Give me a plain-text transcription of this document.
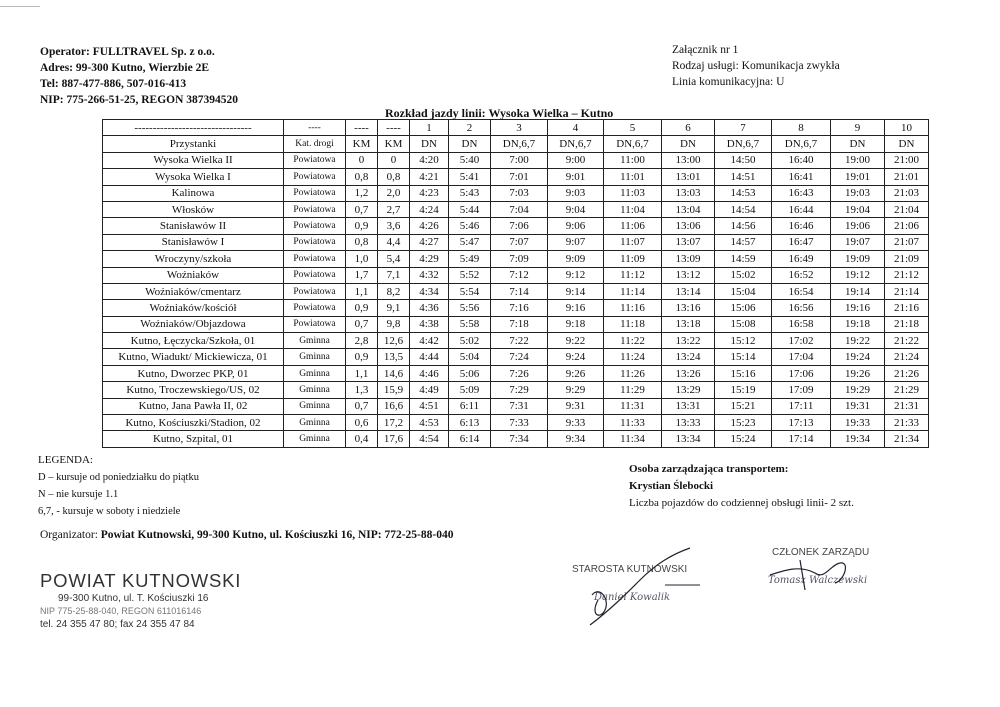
Operator: FULLTRAVEL Sp. z o.o.
Adres: 99-300 Kutno, Wierzbie 2E
Tel: 887-477-886, 507-016-413
NIP: 775-266-51-25, REGON 387394520
Załącznik nr 1
Rodzaj usługi: Komunikacja zwykła
Linia komunikacyjna: U
Rozkład jazdy linii: Wysoka Wielka – Kutno
--------------------------------	----	----	----	1	2	3	4	5	6	7	8	9	10
Przystanki	Kat. drogi	KM	KM	DN	DN	DN,6,7	DN,6,7	DN,6,7	DN	DN,6,7	DN,6,7	DN	DN
Wysoka Wielka II	Powiatowa	0	0	4:20	5:40	7:00	9:00	11:00	13:00	14:50	16:40	19:00	21:00
Wysoka Wielka I	Powiatowa	0,8	0,8	4:21	5:41	7:01	9:01	11:01	13:01	14:51	16:41	19:01	21:01
Kalinowa	Powiatowa	1,2	2,0	4:23	5:43	7:03	9:03	11:03	13:03	14:53	16:43	19:03	21:03
Włosków	Powiatowa	0,7	2,7	4:24	5:44	7:04	9:04	11:04	13:04	14:54	16:44	19:04	21:04
Stanisławów II	Powiatowa	0,9	3,6	4:26	5:46	7:06	9:06	11:06	13:06	14:56	16:46	19:06	21:06
Stanisławów I	Powiatowa	0,8	4,4	4:27	5:47	7:07	9:07	11:07	13:07	14:57	16:47	19:07	21:07
Wroczyny/szkoła	Powiatowa	1,0	5,4	4:29	5:49	7:09	9:09	11:09	13:09	14:59	16:49	19:09	21:09
Woźniaków	Powiatowa	1,7	7,1	4:32	5:52	7:12	9:12	11:12	13:12	15:02	16:52	19:12	21:12
Woźniaków/cmentarz	Powiatowa	1,1	8,2	4:34	5:54	7:14	9:14	11:14	13:14	15:04	16:54	19:14	21:14
Woźniaków/kościół	Powiatowa	0,9	9,1	4:36	5:56	7:16	9:16	11:16	13:16	15:06	16:56	19:16	21:16
Woźniaków/Objazdowa	Powiatowa	0,7	9,8	4:38	5:58	7:18	9:18	11:18	13:18	15:08	16:58	19:18	21:18
Kutno, Łęczycka/Szkoła, 01	Gminna	2,8	12,6	4:42	5:02	7:22	9:22	11:22	13:22	15:12	17:02	19:22	21:22
Kutno, Wiadukt/ Mickiewicza, 01	Gminna	0,9	13,5	4:44	5:04	7:24	9:24	11:24	13:24	15:14	17:04	19:24	21:24
Kutno, Dworzec PKP, 01	Gminna	1,1	14,6	4:46	5:06	7:26	9:26	11:26	13:26	15:16	17:06	19:26	21:26
Kutno, Troczewskiego/US, 02	Gminna	1,3	15,9	4:49	5:09	7:29	9:29	11:29	13:29	15:19	17:09	19:29	21:29
Kutno, Jana Pawła II, 02	Gminna	0,7	16,6	4:51	6:11	7:31	9:31	11:31	13:31	15:21	17:11	19:31	21:31
Kutno, Kościuszki/Stadion, 02	Gminna	0,6	17,2	4:53	6:13	7:33	9:33	11:33	13:33	15:23	17:13	19:33	21:33
Kutno, Szpital, 01	Gminna	0,4	17,6	4:54	6:14	7:34	9:34	11:34	13:34	15:24	17:14	19:34	21:34
LEGENDA:
D – kursuje od poniedziałku do piątku
N – nie kursuje 1.1
6,7, - kursuje w soboty i niedziele
Osoba zarządzająca transportem:
Krystian Ślebocki
Liczba pojazdów do codziennej obsługi linii- 2 szt.
Organizator: Powiat Kutnowski, 99-300 Kutno, ul. Kościuszki 16, NIP: 772-25-88-040
POWIAT KUTNOWSKI
99-300 Kutno, ul. T. Kościuszki 16
NIP 775-25-88-040, REGON 611016146
tel. 24 355 47 80; fax 24 355 47 84
STAROSTA KUTNOWSKI
Daniel Kowalik
CZŁONEK ZARZĄDU
Tomasz Walczewski
